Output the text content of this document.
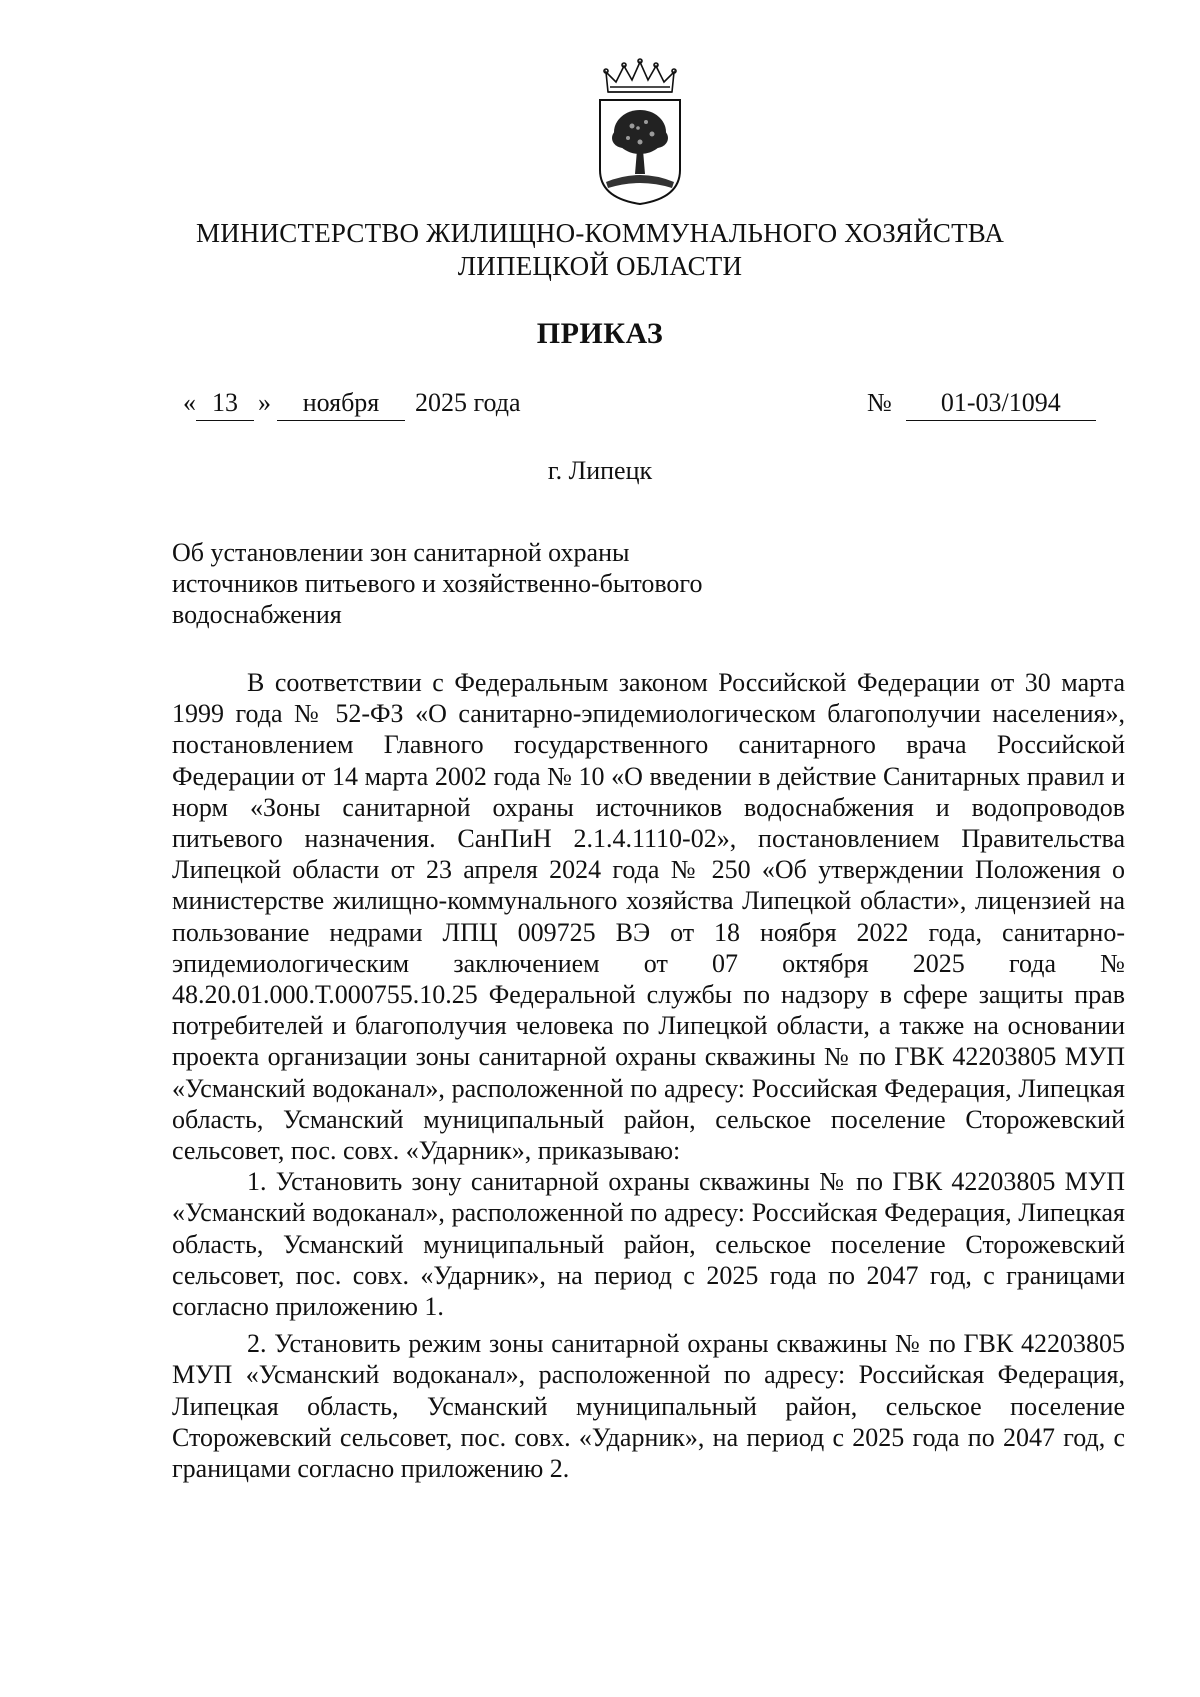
МИНИСТЕРСТВО ЖИЛИЩНО-КОММУНАЛЬНОГО ХОЗЯЙСТВА
ЛИПЕЦКОЙ ОБЛАСТИ
ПРИКАЗ
« 13 » ноября 2025 года	№ 01-03/1094
г. Липецк
Об установлении зон санитарной охраны
источников питьевого и хозяйственно-бытового
водоснабжения

В соответствии с Федеральным законом Российской Федерации от 30 марта 1999 года № 52-ФЗ «О санитарно-эпидемиологическом благополучии населения», постановлением Главного государственного санитарного врача Российской Федерации от 14 марта 2002 года № 10 «О введении в действие Санитарных правил и норм «Зоны санитарной охраны источников водоснабжения и водопроводов питьевого назначения. СанПиН 2.1.4.1110-02», постановлением Правительства Липецкой области от 23 апреля 2024 года № 250 «Об утверждении Положения о министерстве жилищно-коммунального хозяйства Липецкой области», лицензией на пользование недрами ЛПЦ 009725 ВЭ от 18 ноября 2022 года, санитарно-эпидемиологическим заключением от 07 октября 2025 года № 48.20.01.000.Т.000755.10.25 Федеральной службы по надзору в сфере защиты прав потребителей и благополучия человека по Липецкой области, а также на основании проекта организации зоны санитарной охраны скважины № по ГВК 42203805 МУП «Усманский водоканал», расположенной по адресу: Российская Федерация, Липецкая область, Усманский муниципальный район, сельское поселение Сторожевский сельсовет, пос. совх. «Ударник», приказываю:

1. Установить зону санитарной охраны скважины № по ГВК 42203805 МУП «Усманский водоканал», расположенной по адресу: Российская Федерация, Липецкая область, Усманский муниципальный район, сельское поселение Сторожевский сельсовет, пос. совх. «Ударник», на период с 2025 года по 2047 год, с границами согласно приложению 1.

2. Установить режим зоны санитарной охраны скважины № по ГВК 42203805 МУП «Усманский водоканал», расположенной по адресу: Российская Федерация, Липецкая область, Усманский муниципальный район, сельское поселение Сторожевский сельсовет, пос. совх. «Ударник», на период с 2025 года по 2047 год, с границами согласно приложению 2.
